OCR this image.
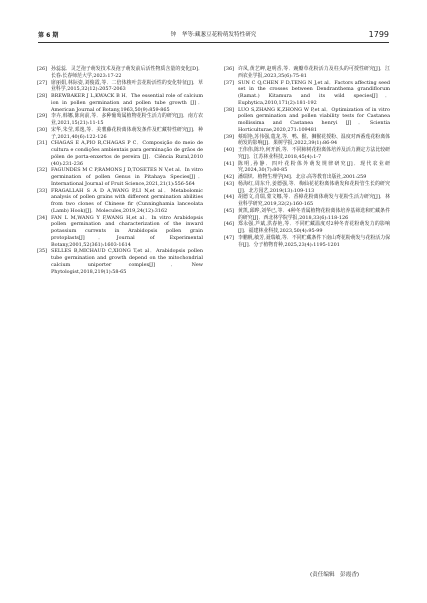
第 6 期	钟　华等:藏葱豆花粉萌发特性研究	1799
[26] 孙蕊蕊．灵芝孢子萌发技术及孢子萌发前后活性物质含量的变化[D]．长春:长春师范大学,2023:17-22
[27] 席丽娟,林际姿,刘俊霞,等．二倍体梭叶芸花粉活性的变化特征[J]．草业科学,2015,32(12):2057-2063
[28] BREWBAKER J L,KWACK B H．The essential role of calcium ion in pollen germination and pollen tube growth [J]．American Journal of Botany,1963,50(9):859-865
[29] 李卉,韩娜,陈向前,等．多种葡萄属植物花粉生活力的研究[J]．南方农业,2021,15(21):11-15
[30] 宋华,朱莹,邓逸,等．美薯藤花粉离体萌发条件及贮藏特性研究[J]．种子,2021,40(6):122-126
[31] CHAGAS E A,PIO R,CHAGAS P C．Composição do meio de cultura e condições ambientais para germinação de grãos de pólen de porta-enxertos de pereira [J]．Ciência Rural,2010 (40):231-236
[32] FAGUNDES M C P,RAMONS J D,TOSETES N V,et al．In vitro germination of pollen Genus in Pitahaya Species[J]．International Journal of Fruit Science,2021,21(1):556-564
[33] FRAGALLAH S A D A,WANG P,LI N,et al．Metabolomic analysis of pollen grains with different germination abilities from two clones of Chinese fir (Cunninghamia lanceolata (Lamb) Hook)[J]．Molecules,2019,24(12):3162
[34] FAN L M,WANG Y F,WANG H,et al．In vitro Arabidopsis pollen germination and characterization of the inward potassium currents in Arabidopsis pollen grain protoplasts[J]．Journal of Experimental Botany,2001,52(361):1603-1614
[35] SELLES B,MICHAUD C,XIONG T,et al．Arabidopsis pollen tube germination and growth depend on the mitochondrial calcium uniporter complex[J]．New Phytologist,2018,219(1):58-65
[36] 许凤,黄艺岬,赵明香,等．豌瓣草花粉活力及柱头的可授性研究[J]．江西农业学报,2023,35(6):75-81
[37] SUN C Q,CHEN F D,TENG N J,et al．Factors affecting seed set in the crosses between Dendranthema grandiflorum (Ramat.) Kitamura and its wild species[J]．Euphytica,2010,171(2):181-192
[38] LUO S,ZHANG K,ZHONG W P,et al．Optimization of in vitro pollen germination and pollen viability tests for Castanea mollissima and Castanea henryi [J]．Scientia Horticulturae,2020,271:109481
[39] 蔡昭艳,苏伟强,蔻龙,等．鸭、猴、狮猴花授粉、温度对西番莲花粉离体萌发的影响[J]．果树学报,2022,39(1):86-94
[40] 王伟伟,陈玲,何开新,等．不同柿树花粉离体培养及活力测定方法比较研究[J]．江苏林业科技,2018,45(4):1-7
[41] 陈明,孙静．四叶花粉体外萌发规律研究[J]．现代农业研究,2024,30(7):80-85
[42] 潘瑞炽．植物生理学[M]．北京:高等教育出版社,2001:259
[43] 杨海红,周东升,姜德强,等．梅仙花花粉离体萌发和花粉管生长的研究[J]．北方园艺,2019(13):109-113
[44] 胡德文,肖瑞,蒙文娜,等．香樟花粉离体萌发与花粉生活力研究[J]．林业科学研究,2019,32(2):160-165
[45] 黄凯,邱晔,刘华已,等．4种冬青属植物花粉离体培养基筛选和贮藏条件的研究[J]．西北林学院学报,2018,33(6):118-126
[46] 郑永强,芦斌,洪春艳,等．不同贮藏温度对2种冬青花粉萌发力的影响[J]．福建林业科技,2023,50(4):95-99
[47] 李鹏帆,敏芳,聂瑞敏,等．不同贮藏条件下南山鸢花粉萌发与花粉活力保存[J]．分子植物育种,2025,23(4):1195-1201
(责任编辑　彭霞香)
